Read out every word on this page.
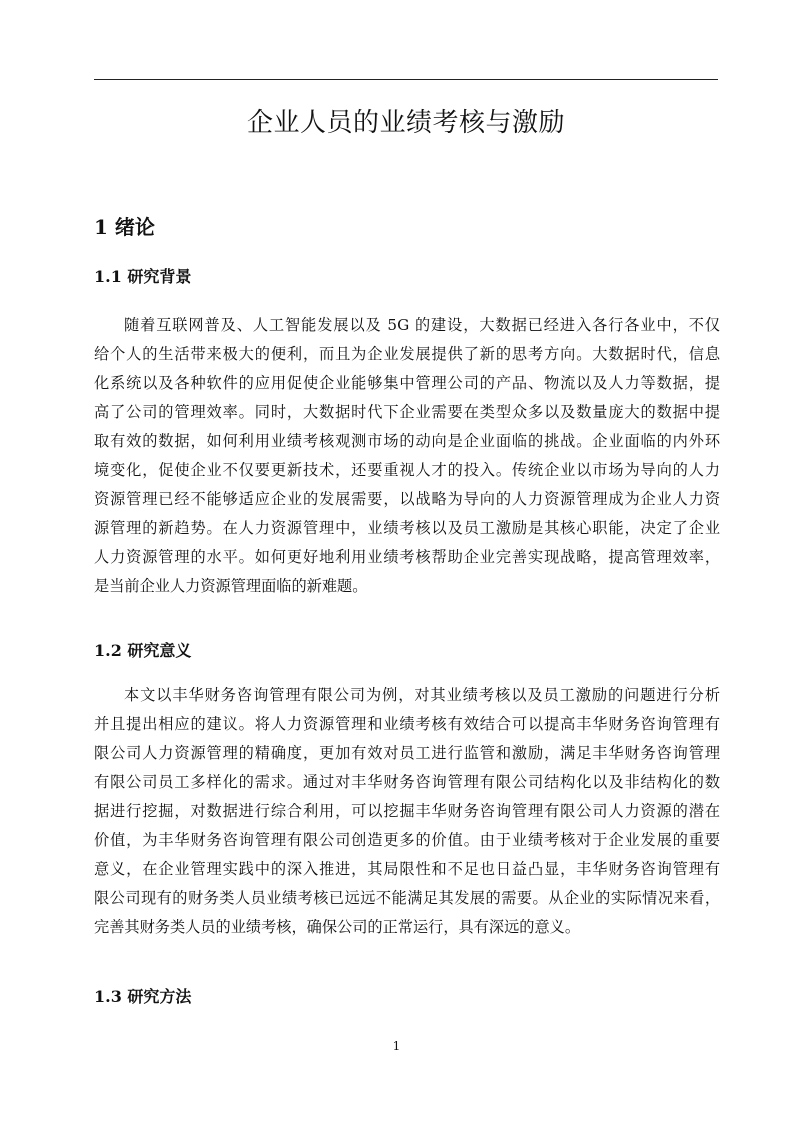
企业人员的业绩考核与激励
1 绪论
1.1 研究背景
随着互联网普及、人工智能发展以及 5G 的建设，大数据已经进入各行各业中，不仅
给个人的生活带来极大的便利，而且为企业发展提供了新的思考方向。大数据时代，信息
化系统以及各种软件的应用促使企业能够集中管理公司的产品、物流以及人力等数据，提
高了公司的管理效率。同时，大数据时代下企业需要在类型众多以及数量庞大的数据中提
取有效的数据，如何利用业绩考核观测市场的动向是企业面临的挑战。企业面临的内外环
境变化，促使企业不仅要更新技术，还要重视人才的投入。传统企业以市场为导向的人力
资源管理已经不能够适应企业的发展需要，以战略为导向的人力资源管理成为企业人力资
源管理的新趋势。在人力资源管理中，业绩考核以及员工激励是其核心职能，决定了企业
人力资源管理的水平。如何更好地利用业绩考核帮助企业完善实现战略，提高管理效率，
是当前企业人力资源管理面临的新难题。
1.2 研究意义
本文以丰华财务咨询管理有限公司为例，对其业绩考核以及员工激励的问题进行分析
并且提出相应的建议。将人力资源管理和业绩考核有效结合可以提高丰华财务咨询管理有
限公司人力资源管理的精确度，更加有效对员工进行监管和激励，满足丰华财务咨询管理
有限公司员工多样化的需求。通过对丰华财务咨询管理有限公司结构化以及非结构化的数
据进行挖掘，对数据进行综合利用，可以挖掘丰华财务咨询管理有限公司人力资源的潜在
价值，为丰华财务咨询管理有限公司创造更多的价值。由于业绩考核对于企业发展的重要
意义，在企业管理实践中的深入推进，其局限性和不足也日益凸显，丰华财务咨询管理有
限公司现有的财务类人员业绩考核已远远不能满足其发展的需要。从企业的实际情况来看，
完善其财务类人员的业绩考核，确保公司的正常运行，具有深远的意义。
1.3 研究方法
1
